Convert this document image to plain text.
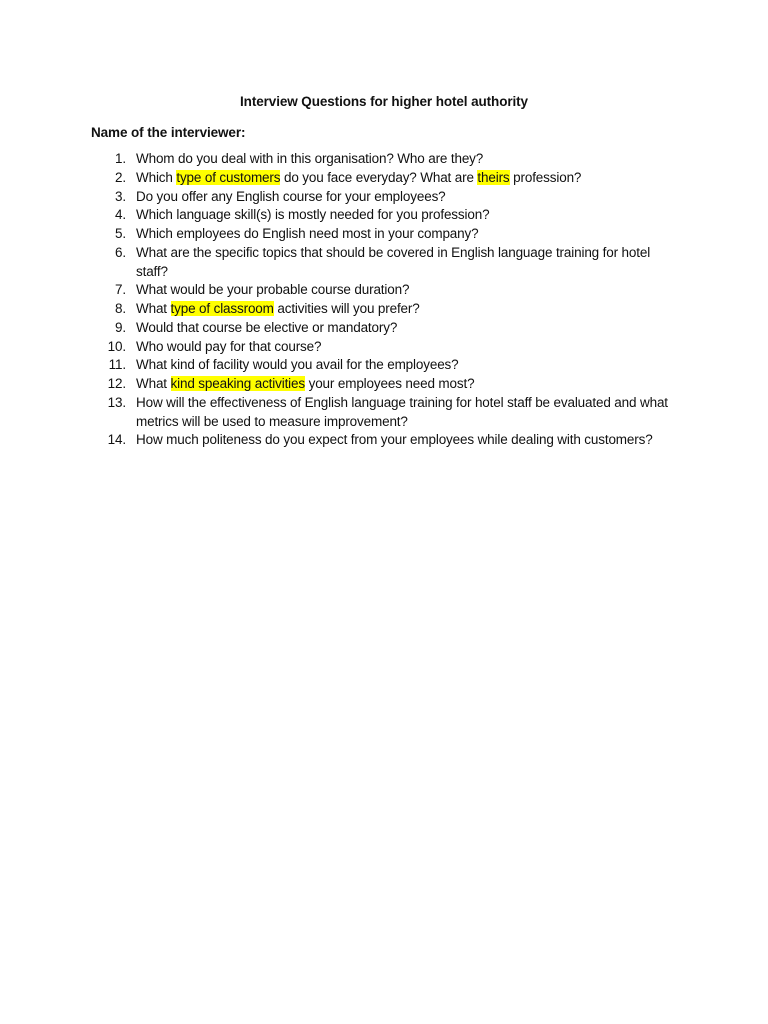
Interview Questions for higher hotel authority
Name of the interviewer:
1. Whom do you deal with in this organisation? Who are they?
2. Which type of customers do you face everyday? What are theirs profession?
3. Do you offer any English course for your employees?
4. Which language skill(s) is mostly needed for you profession?
5. Which employees do English need most in your company?
6. What are the specific topics that should be covered in English language training for hotel staff?
7. What would be your probable course duration?
8. What type of classroom activities will you prefer?
9. Would that course be elective or mandatory?
10. Who would pay for that course?
11. What kind of facility would you avail for the employees?
12. What kind speaking activities your employees need most?
13. How will the effectiveness of English language training for hotel staff be evaluated and what metrics will be used to measure improvement?
14. How much politeness do you expect from your employees while dealing with customers?
